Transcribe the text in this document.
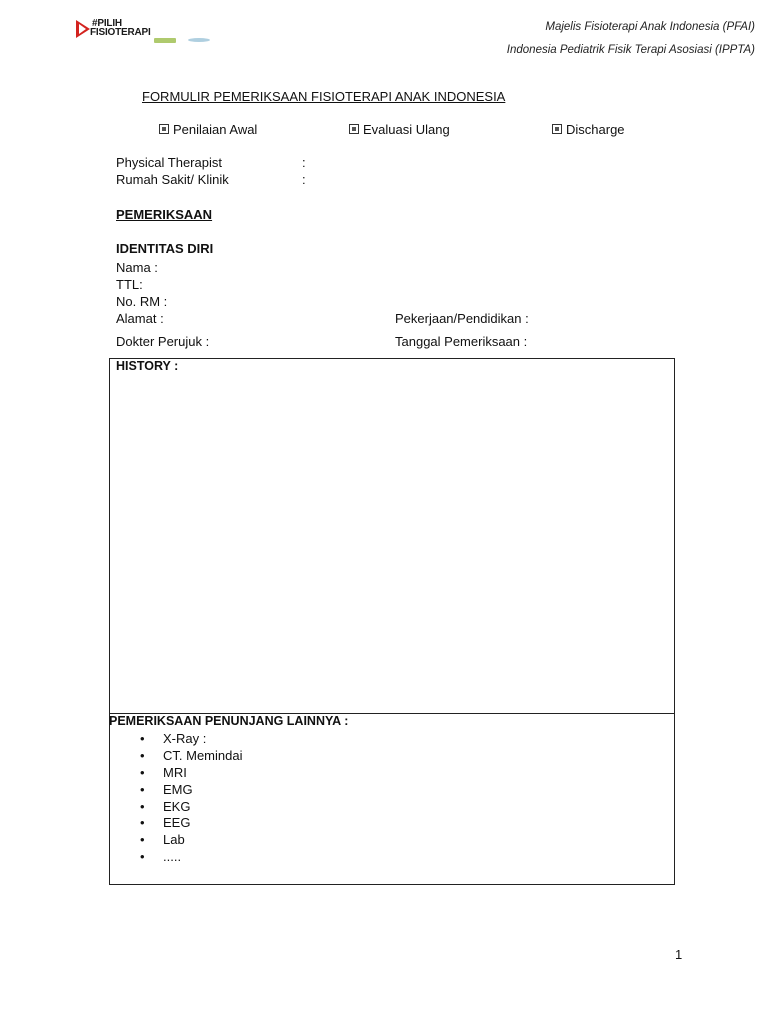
#PILIH
FISIOTERAPI	Majelis Fisioterapi Anak Indonesia (PFAI)
Indonesia Pediatrik Fisik Terapi Asosiasi (IPPTA)
FORMULIR PEMERIKSAAN FISIOTERAPI ANAK INDONESIA
Penilaian Awal	Evaluasi Ulang	Discharge
Physical Therapist	:
Rumah Sakit/ Klinik	:
PEMERIKSAAN
IDENTITAS DIRI
Nama :
TTL:
No. RM :
Alamat :	Pekerjaan/Pendidikan :
Dokter Perujuk :	Tanggal Pemeriksaan :
HISTORY :
PEMERIKSAAN PENUNJANG LAINNYA :
• X-Ray :
• CT. Memindai
• MRI
• EMG
• EKG
• EEG
• Lab
• .....
1
